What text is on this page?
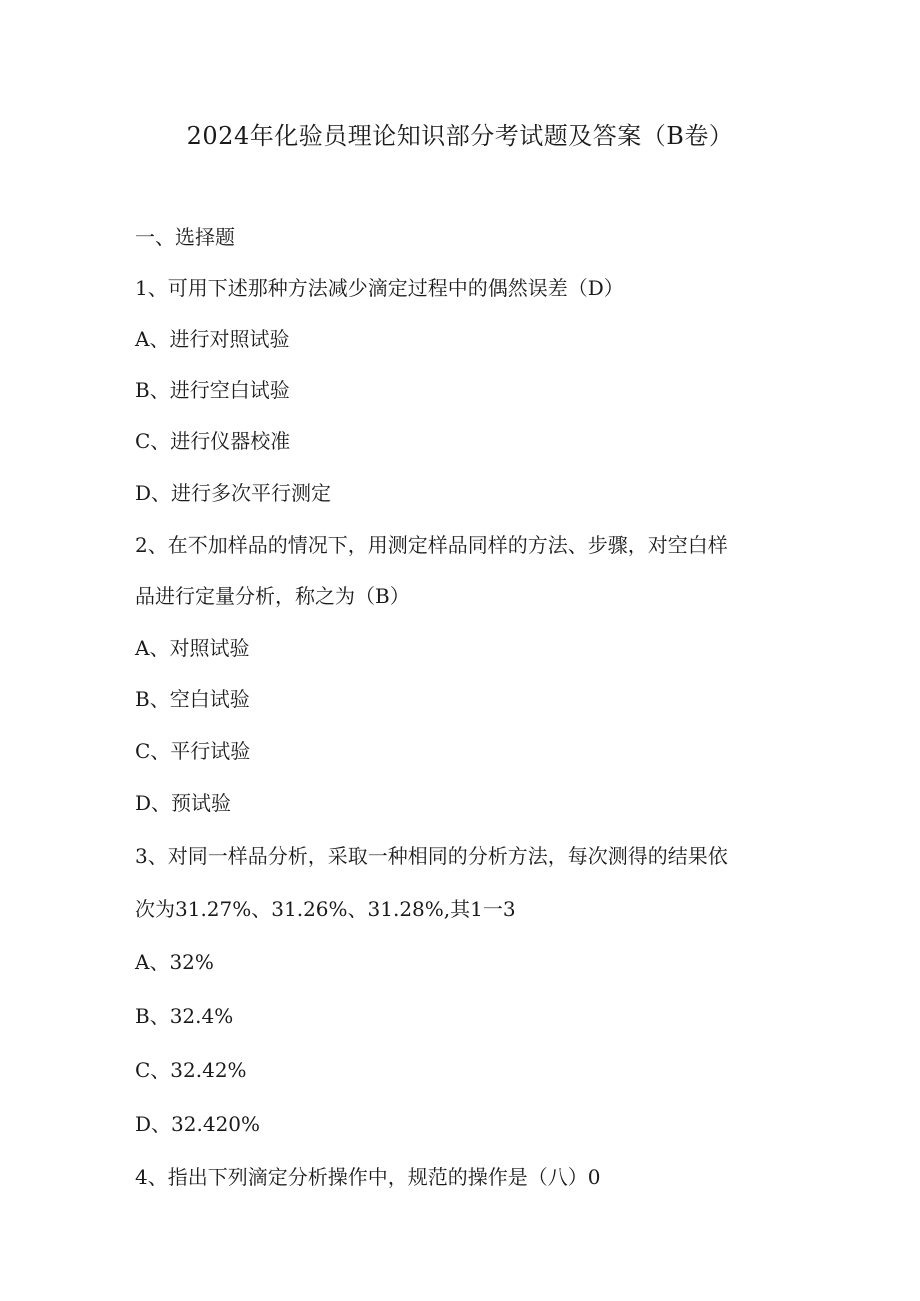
2024年化验员理论知识部分考试题及答案（B卷）
一、选择题
1、可用下述那种方法减少滴定过程中的偶然误差（D）
A、进行对照试验
B、进行空白试验
C、进行仪器校准
D、进行多次平行测定
2、在不加样品的情况下，用测定样品同样的方法、步骤，对空白样
品进行定量分析，称之为（B）
A、对照试验
B、空白试验
C、平行试验
D、预试验
3、对同一样品分析，采取一种相同的分析方法，每次测得的结果依
次为31.27%、31.26%、31.28%,其1一3
A、32%
B、32.4%
C、32.42%
D、32.420%
4、指出下列滴定分析操作中，规范的操作是（八）0
